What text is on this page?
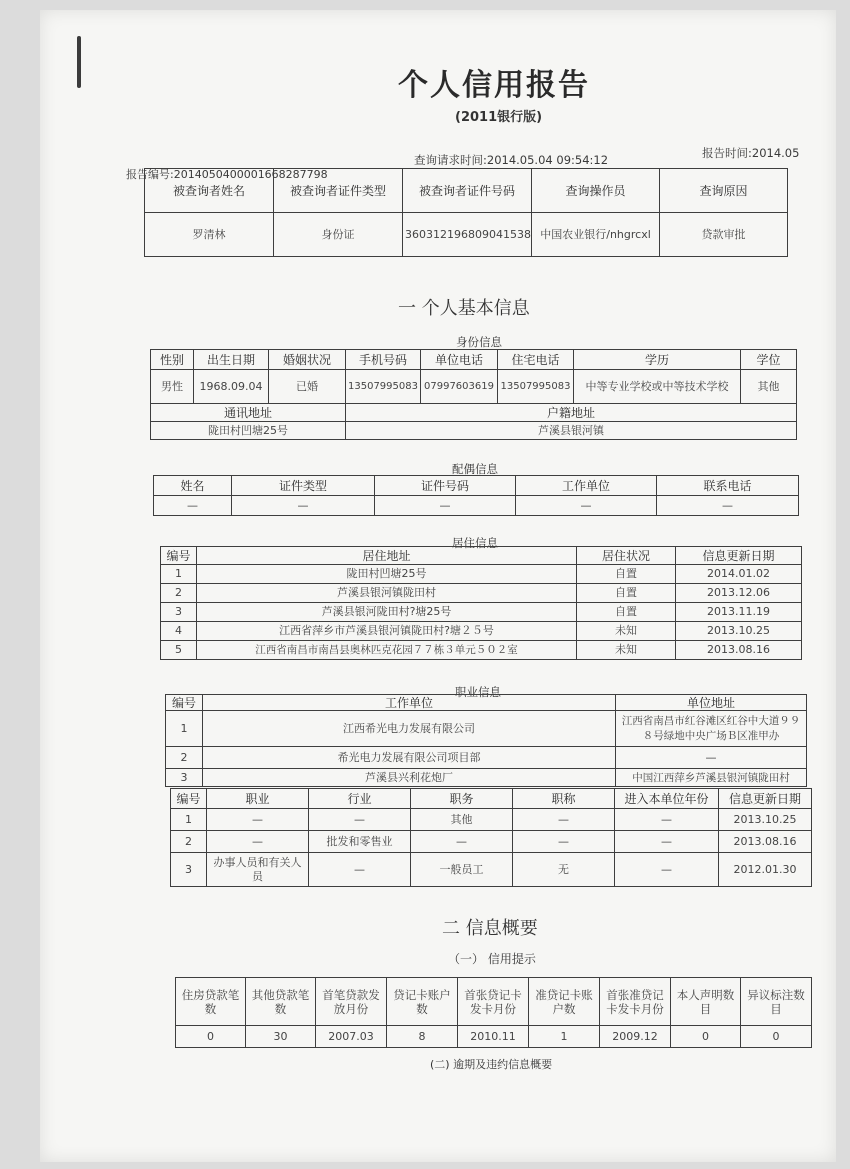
个人信用报告
(2011银行版)
报告编号:2014050400001668287798
查询请求时间:2014.05.04 09:54:12	报告时间:2014.05
被查询者姓名	被查询者证件类型	被查询者证件号码	查询操作员	查询原因
罗清林	身份证	360312196809041538	中国农业银行/nhgrcxl	贷款审批
一 个人基本信息
身份信息
性别	出生日期	婚姻状况	手机号码	单位电话	住宅电话	学历	学位
男性	1968.09.04	已婚	13507995083	07997603619	13507995083	中等专业学校或中等技术学校	其他
通讯地址			户籍地址				
陇田村凹塘25号			芦溪县银河镇				
配偶信息
姓名	证件类型	证件号码	工作单位	联系电话
—	—	—	—	—
居住信息
编号	居住地址	居住状况	信息更新日期
1	陇田村凹塘25号	自置	2014.01.02
2	芦溪县银河镇陇田村	自置	2013.12.06
3	芦溪县银河陇田村?塘25号	自置	2013.11.19
4	江西省萍乡市芦溪县银河镇陇田村?塘２５号	未知	2013.10.25
5	江西省南昌市南昌县奥林匹克花园７７栋３单元５０２室	未知	2013.08.16
职业信息
编号	工作单位	单位地址
1	江西希光电力发展有限公司	江西省南昌市红谷滩区红谷中大道９９８号绿地中央广场Ｂ区准甲办
2	希光电力发展有限公司项目部	—
3	芦溪县兴利花炮厂	中国江西萍乡芦溪县银河镇陇田村
编号	职业	行业	职务	职称	进入本单位年份	信息更新日期
1	—	—	其他	—	—	2013.10.25
2	—	批发和零售业	—	—	—	2013.08.16
3	办事人员和有关人员	—	一般员工	无	—	2012.01.30
二 信息概要
（一） 信用提示
住房贷款笔数	其他贷款笔数	首笔贷款发放月份	贷记卡账户数	首张贷记卡发卡月份	准贷记卡账户数	首张准贷记卡发卡月份	本人声明数目	异议标注数目
0	30	2007.03	8	2010.11	1	2009.12	0	0
(二) 逾期及违约信息概要
